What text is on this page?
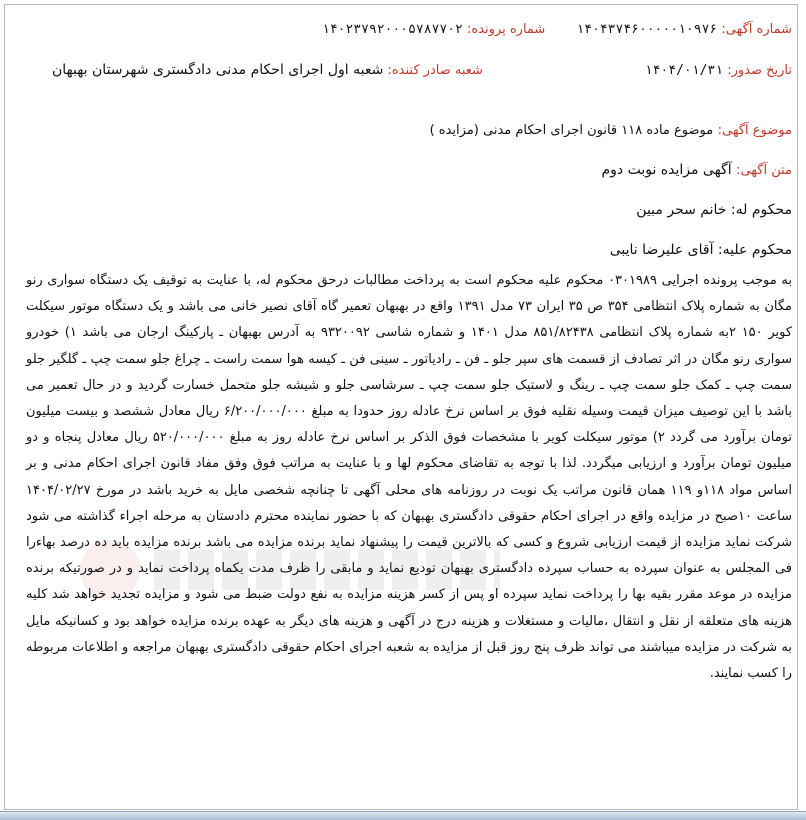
شماره آگهی: ۱۴۰۴۳۷۴۶۰۰۰۰۰۱۰۹۷۶
شماره پرونده: ۱۴۰۲۳۷۹۲۰۰۰۵۷۸۷۷۰۲
تاریخ صدور: ۱۴۰۴/۰۱/۳۱
شعبه صادر کننده: شعبه اول اجرای احکام مدنی دادگستری شهرستان بهبهان
موضوع آگهی: موضوع ماده ۱۱۸ قانون اجرای احکام مدنی (مزایده )
متن آگهی: آگهی مزایده نوبت دوم
محکوم له: خانم سحر مبین
محکوم علیه: آقای علیرضا نایبی
به موجب پرونده اجرایی ۰۳۰۱۹۸۹ محکوم علیه محکوم است به پرداخت مطالبات درحق محکوم له، با عنایت به توقیف یک دستگاه سواری رنو مگان به شماره پلاک انتظامی ۳۵۴ ص ۳۵ ایران ۷۳ مدل ۱۳۹۱ واقع در بهبهان تعمیر گاه آقای نصیر خانی می باشد و یک دستگاه موتور سیکلت کویر ۱۵۰ ۲به شماره پلاک انتظامی ۸۵۱/۸۲۴۳۸ مدل ۱۴۰۱ و شماره شاسی ۹۳۲۰۰۹۲ به آدرس بهبهان ـ پارکینگ ارجان می باشد ۱) خودرو سواری رنو مگان در اثر تصادف از قسمت های سپر جلو ـ فن ـ رادیاتور ـ سینی فن ـ کیسه هوا سمت راست ـ چراغ جلو سمت چپ ـ گلگیر جلو سمت چپ ـ کمک جلو سمت چپ ـ رینگ و لاستیک جلو سمت چپ ـ سرشاسی جلو و شیشه جلو متحمل خسارت گردید و در حال تعمیر می باشد با این توصیف میزان قیمت وسیله نقلیه فوق بر اساس نرخ عادله روز حدودا به مبلغ ۶/۲۰۰/۰۰۰/۰۰۰ ریال معادل ششصد و بیست میلیون تومان برآورد می گردد ۲) موتور سیکلت کویر با مشخصات فوق الذکر بر اساس نرخ عادله روز به مبلغ ۵۲۰/۰۰۰/۰۰۰ ریال معادل پنجاه و دو میلیون تومان برآورد و ارزیابی میگردد. لذا با توجه به تقاضای محکوم لها و با عنایت به مراتب فوق وفق مفاد قانون اجرای احکام مدنی و بر اساس مواد ۱۱۸و ۱۱۹ همان قانون مراتب یک نوبت در روزنامه های محلی آگهی تا چنانچه شخصی مایل به خرید باشد در مورخ ۱۴۰۴/۰۲/۲۷ ساعت ۱۰صبح در مزایده واقع در اجرای احکام حقوقی دادگستری بهبهان که با حضور نماینده محترم دادستان به مرحله اجراء گذاشته می شود شرکت نماید مزایده از قیمت ارزیابی شروع و کسی که بالاترین قیمت را پیشنهاد نماید برنده مزایده می باشد برنده مزایده باید ده درصد بهاءرا فی المجلس به عنوان سپرده به حساب سپرده دادگستری بهبهان تودیع نماید و مابقی را ظرف مدت یکماه پرداخت نماید و در صورتیکه برنده مزایده در موعد مقرر بقیه بها را پرداخت نماید سپرده او پس از کسر هزینه مزایده به نفع دولت ضبط می شود و مزایده تجدید خواهد شد کلیه هزینه های متعلقه از نقل و انتقال ،مالیات و مستغلات و هزینه درج در آگهی و هزینه های دیگر به عهده برنده مزایده خواهد بود و کسانیکه مایل به شرکت در مزایده میباشند می تواند ظرف پنج روز قبل از مزایده به شعبه اجرای احکام حقوقی دادگستری بهبهان مراجعه و اطلاعات مربوطه را کسب نمایند.
